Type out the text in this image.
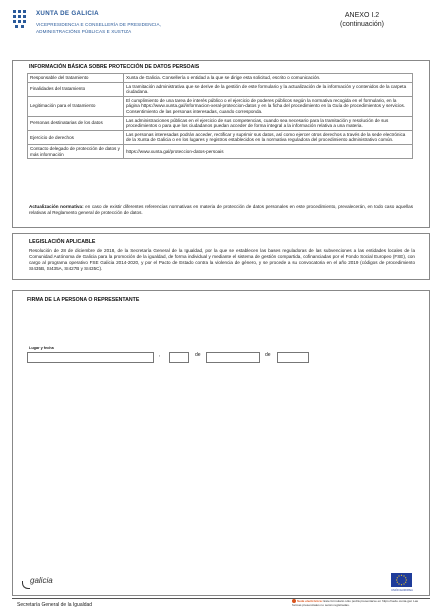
XUNTA DE GALICIA
VICEPRESIDENCIA E CONSELLERÍA DE PRESIDENCIA,
ADMINISTRACIÓNS PÚBLICAS E XUSTIZA
ANEXO I.2
(continuación)
INFORMACIÓN BÁSICA SOBRE PROTECCIÓN DE DATOS PERSOAIS
Responsable del tratamiento	Xunta de Galicia. Consellería o entidad a la que se dirige esta solicitud, escrito o comunicación.
Finalidades del tratamiento	La tramitación administrativa que se derive de la gestión de este formulario y la actualización de la información y contenidos de la carpeta ciudadana.
Legitimación para el tratamiento	El cumplimiento de una tarea de interés público o el ejercicio de poderes públicos según la normativa recogida en el formulario, en la página https://www.xunta.gal/informacion-xeral-proteccion-datos y en la ficha del procedimiento en la Guía de procedimientos y servicios. Consentimiento de las personas interesadas, cuando corresponda.
Personas destinatarias de los datos	Las administraciones públicas en el ejercicio de sus competencias, cuando sea necesario para la tramitación y resolución de sus procedimientos o para que los ciudadanos puedan acceder de forma integral a la información relativa a una materia.
Ejercicio de derechos	Las personas interesadas podrán acceder, rectificar y suprimir sus datos, así como ejercer otros derechos a través de la sede electrónica de la Xunta de Galicia o en los lugares y registros establecidos en la normativa reguladora del procedimiento administrativo común.
Contacto delegado de protección de datos y más información	https://www.xunta.gal/proteccion-datos-persoais
Actualización normativa: en caso de existir diferentes referencias normativas en materia de protección de datos personales en este procedimiento, prevalecerán, en todo caso aquellas relativas al Reglamento general de protección de datos.
LEGISLACIÓN APLICABLE
Resolución de 28 de diciembre de 2018, de la Secretaría General de la Igualdad, por la que se establecen las bases reguladoras de las subvenciones a las entidades locales de la Comunidad Autónoma de Galicia para la promoción de la igualdad, de forma individual y mediante el sistema de gestión compartida, cofinanciadas por el Fondo Social Europeo (FSE), con cargo al programa operativo FSE Galicia 2014-2020, y por el Pacto de Estado contra la violencia de género, y se procede a su convocatoria en el año 2019 (códigos de procedimiento SI435B, SI435A, SI427B y SI435C).
FIRMA DE LA PERSONA O REPRESENTANTE
Lugar y fecha
,	de	de
galicia
UNIÓN EUROPEA
Secretaría General de la Igualdad
Sede electrónica: Este formulario sólo podrá presentarse en https://sede.xunta.gal. Las formas presenciales no serán registradas.
